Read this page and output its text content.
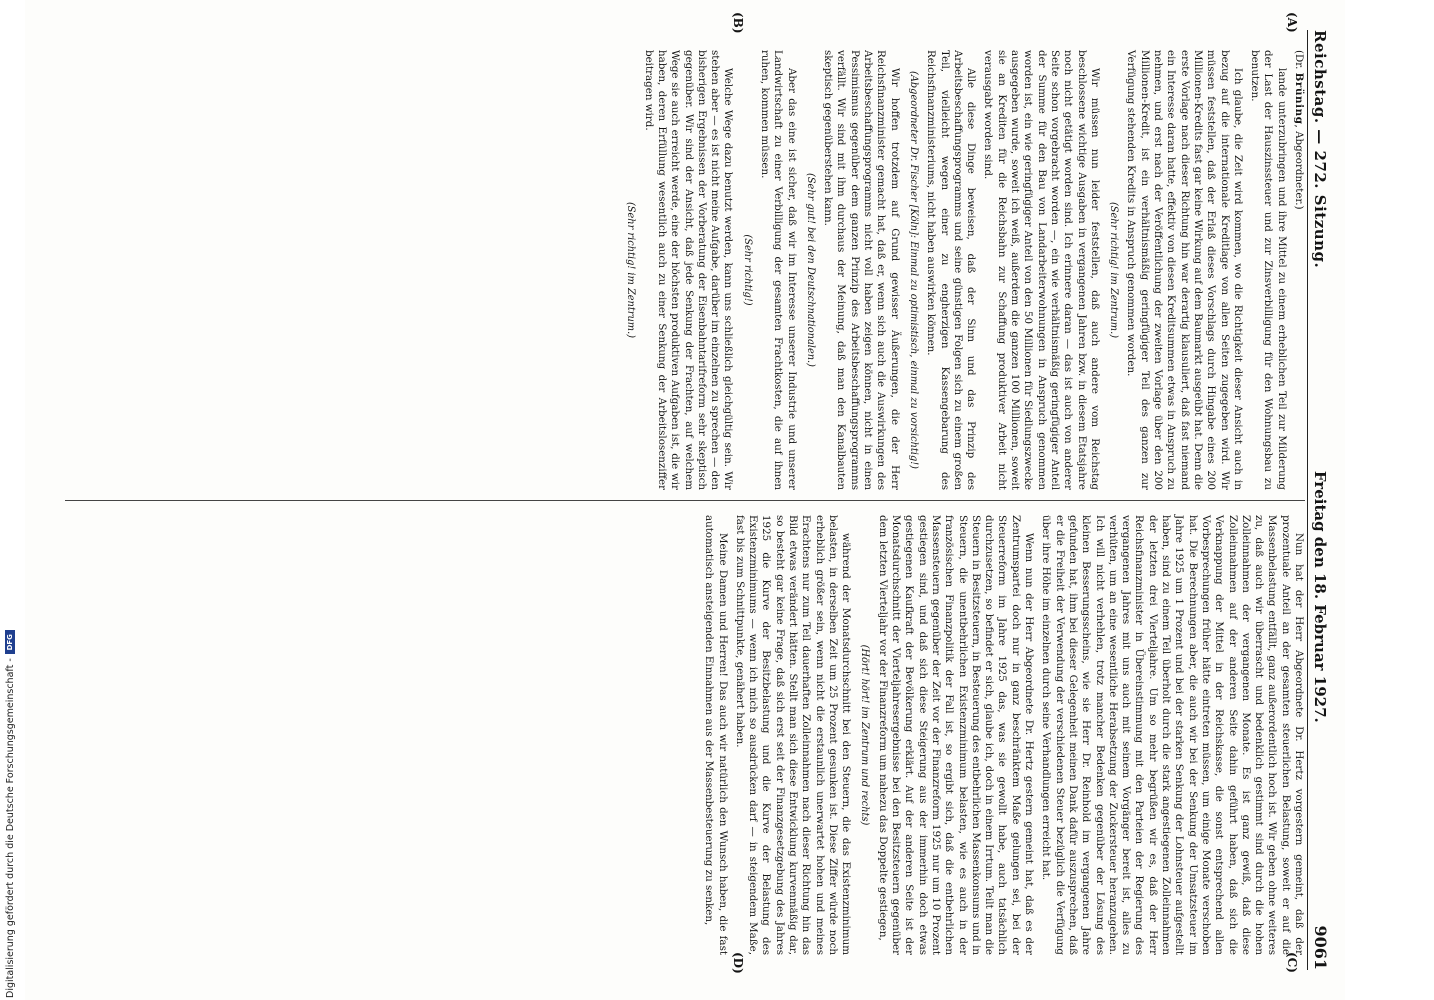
Reichstag. — 272. Sitzung.
Freitag den 18. Februar 1927.
9061
(A)
(B)
(C)
(D)

(Dr. Brüning, Abgeordneter.)

lande unterzubringen und ihre Mittel zu einem erheblichen Teil zur Milderung der Last der Hauszinssteuer und zur Zinsverbilligung für den Wohnungsbau zu benutzen.

Ich glaube, die Zeit wird kommen, wo die Richtigkeit dieser Ansicht auch in bezug auf die internationale Kreditlage von allen Seiten zugegeben wird. Wir müssen feststellen, daß der Erlaß dieses Vorschlags durch Hingabe eines 200 Millionen-Kredits fast gar keine Wirkung auf dem Baumarkt ausgeübt hat. Denn die erste Vorlage nach dieser Richtung hin war derartig klausuliert, daß fast niemand ein Interesse daran hatte, effektiv von diesen Kreditsummen etwas in Anspruch zu nehmen, und erst nach der Veröffentlichung der zweiten Vorlage über den 200 Millionen-Kredit, ist ein verhältnismäßig geringfügiger Teil des ganzen zur Verfügung stehenden Kredits in Anspruch genommen worden.

(Sehr richtig! im Zentrum.)

Wir müssen nun leider feststellen, daß auch andere vom Reichstag beschlossene wichtige Ausgaben in vergangenen Jahren bzw. in diesem Etatsjahre noch nicht getätigt worden sind. Ich erinnere daran — das ist auch von anderer Seite schon vorgebracht worden —, ein wie verhältnismäßig geringfügiger Anteil der Summe für den Bau von Landarbeiterwohnungen in Anspruch genommen worden ist, ein wie geringfügiger Anteil von den 50 Millionen für Siedlungszwecke ausgegeben wurde, soweit ich weiß, außerdem die ganzen 100 Millionen, soweit sie an Krediten für die Reichsbahn zur Schaffung produktiver Arbeit nicht verausgabt worden sind.

Alle diese Dinge beweisen, daß der Sinn und das Prinzip des Arbeitsbeschaffungsprogramms und seine günstigen Folgen sich zu einem großen Teil, vielleicht wegen einer zu engherzigen Kassengebarung des Reichsfinanzministeriums, nicht haben auswirken können.

(Abgeordneter Dr. Fischer [Köln]: Einmal zu optimistisch, einmal zu vorsichtig!)

Wir hoffen trotzdem auf Grund gewisser Äußerungen, die der Herr Reichsfinanzminister gemacht hat, daß er, wenn sich auch die Auswirkungen des Arbeitsbeschaffungsprogramms nicht voll haben zeigen können, nicht in einen Pessimismus gegenüber dem ganzen Prinzip des Arbeitsbeschaffungsprogramms verfällt. Wir sind mit ihm durchaus der Meinung, daß man den Kanalbauten skeptisch gegenüberstehen kann.

(Sehr gut! bei den Deutschnationalen.)

Aber das eine ist sicher, daß wir im Interesse unserer Industrie und unserer Landwirtschaft zu einer Verbilligung der gesamten Frachtkosten, die auf ihnen ruhen, kommen müssen.

(Sehr richtig!)

Welche Wege dazu benutzt werden, kann uns schließlich gleichgültig sein. Wir stehen aber — es ist nicht meine Aufgabe, darüber im einzelnen zu sprechen — den bisherigen Ergebnissen der Vorberatung der Eisenbahntarifreform sehr skeptisch gegenüber. Wir sind der Ansicht, daß jede Senkung der Frachten, auf welchem Wege sie auch erreicht werde, eine der höchsten produktiven Aufgaben ist, die wir haben, deren Erfüllung wesentlich auch zu einer Senkung der Arbeitslosenziffer beitragen wird.

(Sehr richtig! im Zentrum.)

Nun hat der Herr Abgeordnete Dr. Hertz vorgestern gemeint, daß der prozentuale Anteil an der gesamten steuerlichen Belastung, soweit er auf die Massenbelastung entfällt, ganz außerordentlich hoch ist. Wir geben ohne weiteres zu, daß auch wir überrascht und bedenklich gestimmt sind durch die hohen Zolleinnahmen der vergangenen Monate. Es ist ganz gewiß, daß diese Zolleinnahmen auf der anderen Seite dahin geführt haben, daß sich die Verknappung der Mittel in der Reichskasse, die sonst entsprechend allen Vorbesprechungen früher hätte eintreten müssen, um einige Monate verschoben hat. Die Berechnungen aber, die auch wir bei der Senkung der Umsatzsteuer im Jahre 1925 um 1 Prozent und bei der starken Senkung der Lohnsteuer aufgestellt haben, sind zu einem Teil überholt durch die stark angestiegenen Zolleinnahmen der letzten drei Vierteljahre. Um so mehr begrüßen wir es, daß der Herr Reichsfinanzminister in Übereinstimmung mit den Parteien der Regierung des vergangenen Jahres mit uns auch mit seinem Vorgänger bereit ist, alles zu verhüten, um an eine wesentliche Herabsetzung der Zuckersteuer heranzugehen. Ich will nicht verhehlen, trotz mancher Bedenken gegenüber der Lösung des kleinen Besserungsscheins, wie sie Herr Dr. Reinhold im vergangenen Jahre gefunden hat, ihm bei dieser Gelegenheit meinen Dank dafür auszusprechen, daß er die Freiheit der Verwendung der verschiedenen Steuer bezüglich die Verfügung über ihre Höhe im einzelnen durch seine Verhandlungen erreicht hat.

Wenn nun der Herr Abgeordnete Dr. Hertz gestern gemeint hat, daß es der Zentrumspartei doch nur in ganz beschränktem Maße gelungen sei, bei der Steuerreform im Jahre 1925 das, was sie gewollt habe, auch tatsächlich durchzusetzen, so befindet er sich, glaube ich, doch in einem Irrtum. Teilt man die Steuern in Besitzsteuern, in Besteuerung des entbehrlichen Massenkonsums und in Steuern, die unentbehrlichen Existenzminimum belasten, wie es auch in der französischen Finanzpolitik der Fall ist, so ergibt sich, daß die entbehrlichen Massensteuern gegenüber der Zeit vor der Finanzreform 1925 nur um 10 Prozent gestiegen sind, und daß sich diese Steigerung aus der immerhin doch etwas gestiegenen Kaufkraft der Bevölkerung erklärt. Auf der anderen Seite ist der Monatsdurchschnitt der Vierteljahresergebnisse bei den Besitzsteuern gegenüber dem letzten Vierteljahr vor der Finanzreform um nahezu das Doppelte gestiegen,

(Hört! hört! im Zentrum und rechts)

während der Monatsdurchschnitt bei den Steuern, die das Existenzminimum belasten, in derselben Zeit um 25 Prozent gesunken ist. Diese Ziffer würde noch erheblich größer sein, wenn nicht die erstaunlich unerwartet hohen und meines Erachtens nur zum Teil dauerhaften Zolleinnahmen nach dieser Richtung hin das Bild etwas verändert hätten. Stellt man sich diese Entwicklung kurvenmäßig dar, so besteht gar keine Frage, daß sich erst seit der Finanzgesetzgebung des Jahres 1925 die Kurve der Besitzbelastung und die Kurve der Belastung des Existenzminimums — wenn ich mich so ausdrücken darf — in steigendem Maße, fast bis zum Schnittpunkte, genähert haben.

Meine Damen und Herren! Das auch wir natürlich den Wunsch haben, die fast automatisch ansteigenden Einnahmen aus der Massenbesteuerung zu senken,

Digitalisierung gefördert durch die Deutsche Forschungsgemeinschaft -
DFG
